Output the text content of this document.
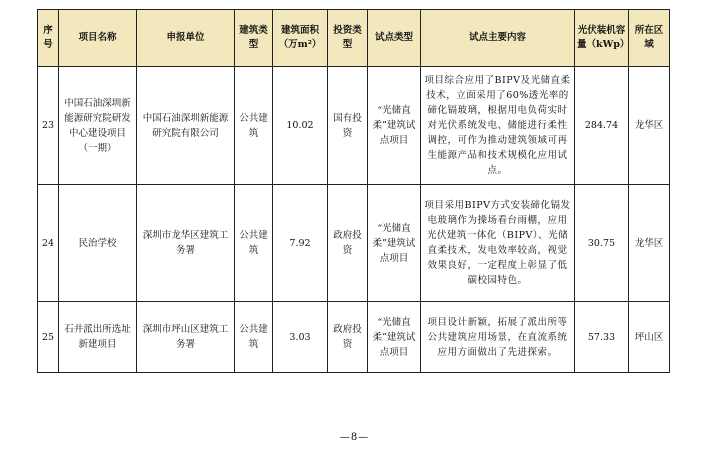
序号	项目名称	申报单位	建筑类型	建筑面积（万m²）	投资类型	试点类型	试点主要内容	光伏装机容量（kWp）	所在区域
23	中国石油深圳新能源研究院研发中心建设项目（一期）	中国石油深圳新能源研究院有限公司	公共建筑	10.02	国有投资	“光储直柔”建筑试点项目	项目综合应用了BIPV及光储直柔技术，立面采用了60%透光率的碲化镉玻璃，根据用电负荷实时对光伏系统发电、储能进行柔性调控，可作为推动建筑领域可再生能源产品和技术规模化应用试点。	284.74	龙华区
24	民治学校	深圳市龙华区建筑工务署	公共建筑	7.92	政府投资	“光储直柔”建筑试点项目	项目采用BIPV方式安装碲化镉发电玻璃作为操场看台雨棚，应用光伏建筑一体化（BIPV）、光储直柔技术，发电效率较高，视觉效果良好，一定程度上彰显了低碳校园特色。	30.75	龙华区
25	石井派出所选址新建项目	深圳市坪山区建筑工务署	公共建筑	3.03	政府投资	“光储直柔”建筑试点项目	项目设计新颖，拓展了派出所等公共建筑应用场景，在直流系统应用方面做出了先进探索。	57.33	坪山区
—8—
